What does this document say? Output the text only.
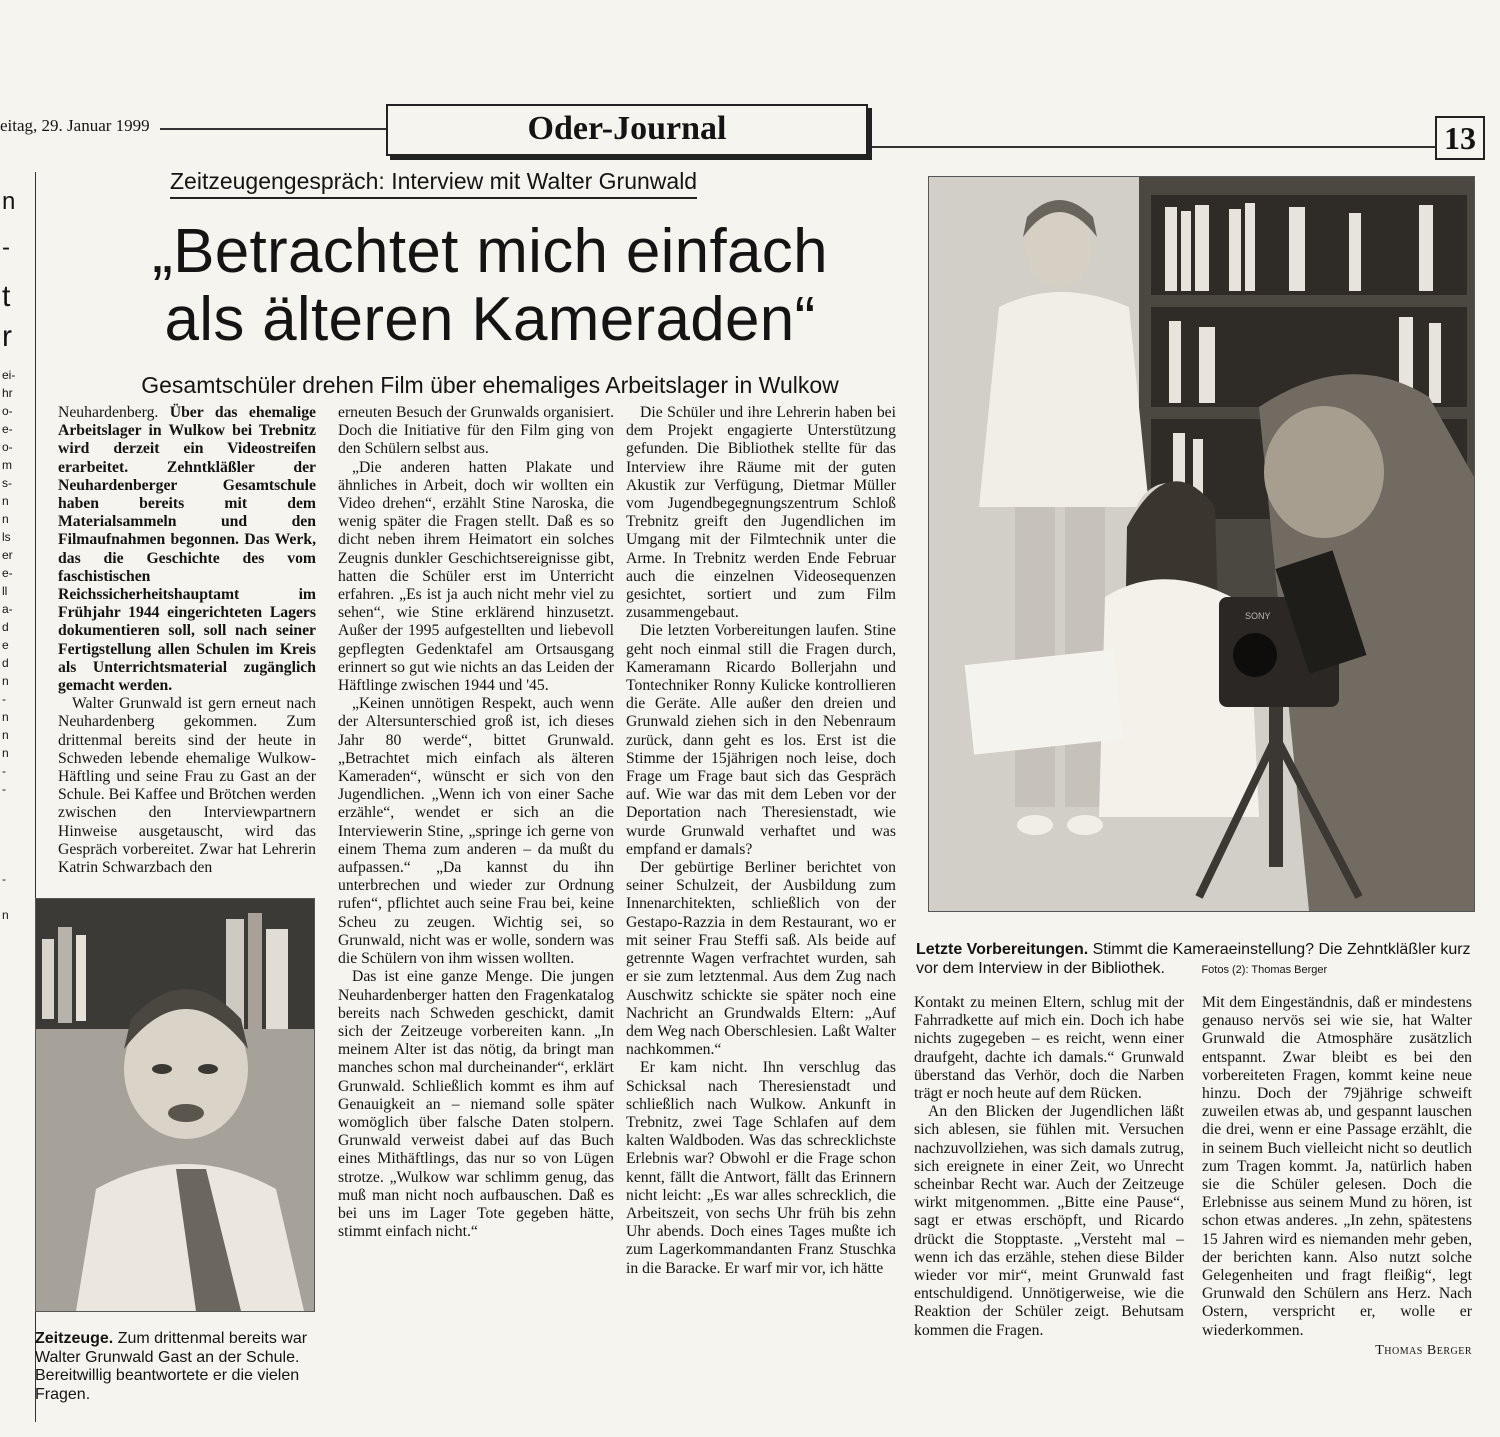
eitag, 29. Januar 1999	Oder-Journal	13
n
-
t
r
ei-
hr
o-
e-
o-
m
s-
n
n
ls
er
e-
ll
a-
d
e
d
n
-
n
n
n
-
-
-
n
Zeitzeugengespräch: Interview mit Walter Grunwald
„Betrachtet mich einfach
als älteren Kameraden“
Gesamtschüler drehen Film über ehemaliges Arbeitslager in Wulkow

Neuhardenberg. Über das ehemalige Arbeitslager in Wulkow bei Trebnitz wird derzeit ein Videostreifen erarbeitet. Zehntkläßler der Neuhardenberger Gesamtschule haben bereits mit dem Materialsammeln und den Filmaufnahmen begonnen. Das Werk, das die Geschichte des vom faschistischen Reichssicherheitshauptamt im Frühjahr 1944 eingerichteten Lagers dokumentieren soll, soll nach seiner Fertigstellung allen Schulen im Kreis als Unterrichtsmaterial zugänglich gemacht werden.

Walter Grunwald ist gern erneut nach Neuhardenberg gekommen. Zum drittenmal bereits sind der heute in Schweden lebende ehemalige Wulkow-Häftling und seine Frau zu Gast an der Schule. Bei Kaffee und Brötchen werden zwischen den Interviewpartnern Hinweise ausgetauscht, wird das Gespräch vorbereitet. Zwar hat Lehrerin Katrin Schwarzbach den

Zeitzeuge. Zum drittenmal bereits war Walter Grunwald Gast an der Schule. Bereitwillig beantwortete er die vielen Fragen.

erneuten Besuch der Grunwalds organisiert. Doch die Initiative für den Film ging von den Schülern selbst aus.

„Die anderen hatten Plakate und ähnliches in Arbeit, doch wir wollten ein Video drehen“, erzählt Stine Naroska, die wenig später die Fragen stellt. Daß es so dicht neben ihrem Heimatort ein solches Zeugnis dunkler Geschichtsereignisse gibt, hatten die Schüler erst im Unterricht erfahren. „Es ist ja auch nicht mehr viel zu sehen“, wie Stine erklärend hinzusetzt. Außer der 1995 aufgestellten und liebevoll gepflegten Gedenktafel am Ortsausgang erinnert so gut wie nichts an das Leiden der Häftlinge zwischen 1944 und '45.

„Keinen unnötigen Respekt, auch wenn der Altersunterschied groß ist, ich dieses Jahr 80 werde“, bittet Grunwald. „Betrachtet mich einfach als älteren Kameraden“, wünscht er sich von den Jugendlichen. „Wenn ich von einer Sache erzähle“, wendet er sich an die Interviewerin Stine, „springe ich gerne von einem Thema zum anderen – da mußt du aufpassen.“ „Da kannst du ihn unterbrechen und wieder zur Ordnung rufen“, pflichtet auch seine Frau bei, keine Scheu zu zeugen. Wichtig sei, so Grunwald, nicht was er wolle, sondern was die Schülern von ihm wissen wollten.

Das ist eine ganze Menge. Die jungen Neuhardenberger hatten den Fragenkatalog bereits nach Schweden geschickt, damit sich der Zeitzeuge vorbereiten kann. „In meinem Alter ist das nötig, da bringt man manches schon mal durcheinander“, erklärt Grunwald. Schließlich kommt es ihm auf Genauigkeit an – niemand solle später womöglich über falsche Daten stolpern. Grunwald verweist dabei auf das Buch eines Mithäftlings, das nur so von Lügen strotze. „Wulkow war schlimm genug, das muß man nicht noch aufbauschen. Daß es bei uns im Lager Tote gegeben hätte, stimmt einfach nicht.“

Die Schüler und ihre Lehrerin haben bei dem Projekt engagierte Unterstützung gefunden. Die Bibliothek stellte für das Interview ihre Räume mit der guten Akustik zur Verfügung, Dietmar Müller vom Jugendbegegnungszentrum Schloß Trebnitz greift den Jugendlichen im Umgang mit der Filmtechnik unter die Arme. In Trebnitz werden Ende Februar auch die einzelnen Videosequenzen gesichtet, sortiert und zum Film zusammengebaut.

Die letzten Vorbereitungen laufen. Stine geht noch einmal still die Fragen durch, Kameramann Ricardo Bollerjahn und Tontechniker Ronny Kulicke kontrollieren die Geräte. Alle außer den dreien und Grunwald ziehen sich in den Nebenraum zurück, dann geht es los. Erst ist die Stimme der 15jährigen noch leise, doch Frage um Frage baut sich das Gespräch auf. Wie war das mit dem Leben vor der Deportation nach Theresienstadt, wie wurde Grunwald verhaftet und was empfand er damals?

Der gebürtige Berliner berichtet von seiner Schulzeit, der Ausbildung zum Innenarchitekten, schließlich von der Gestapo-Razzia in dem Restaurant, wo er mit seiner Frau Steffi saß. Als beide auf getrennte Wagen verfrachtet wurden, sah er sie zum letztenmal. Aus dem Zug nach Auschwitz schickte sie später noch eine Nachricht an Grundwalds Eltern: „Auf dem Weg nach Oberschlesien. Laßt Walter nachkommen.“

Er kam nicht. Ihn verschlug das Schicksal nach Theresienstadt und schließlich nach Wulkow. Ankunft in Trebnitz, zwei Tage Schlafen auf dem kalten Waldboden. Was das schrecklichste Erlebnis war? Obwohl er die Frage schon kennt, fällt die Antwort, fällt das Erinnern nicht leicht: „Es war alles schrecklich, die Arbeitszeit, von sechs Uhr früh bis zehn Uhr abends. Doch eines Tages mußte ich zum Lagerkommandanten Franz Stuschka in die Baracke. Er warf mir vor, ich hätte

SONY
Letzte Vorbereitungen. Stimmt die Kameraeinstellung? Die Zehntkläßler kurz vor dem Interview in der Bibliothek.	Fotos (2): Thomas Berger

Kontakt zu meinen Eltern, schlug mit der Fahrradkette auf mich ein. Doch ich habe nichts zugegeben – es reicht, wenn einer draufgeht, dachte ich damals.“ Grunwald überstand das Verhör, doch die Narben trägt er noch heute auf dem Rücken.

An den Blicken der Jugendlichen läßt sich ablesen, sie fühlen mit. Versuchen nachzuvollziehen, was sich damals zutrug, sich ereignete in einer Zeit, wo Unrecht scheinbar Recht war. Auch der Zeitzeuge wirkt mitgenommen. „Bitte eine Pause“, sagt er etwas erschöpft, und Ricardo drückt die Stopptaste. „Versteht mal – wenn ich das erzähle, stehen diese Bilder wieder vor mir“, meint Grunwald fast entschuldigend. Unnötigerweise, wie die Reaktion der Schüler zeigt. Behutsam kommen die Fragen.

Mit dem Eingeständnis, daß er mindestens genauso nervös sei wie sie, hat Walter Grunwald die Atmosphäre zusätzlich entspannt. Zwar bleibt es bei den vorbereiteten Fragen, kommt keine neue hinzu. Doch der 79jährige schweift zuweilen etwas ab, und gespannt lauschen die drei, wenn er eine Passage erzählt, die in seinem Buch vielleicht nicht so deutlich zum Tragen kommt. Ja, natürlich haben sie die Schüler gelesen. Doch die Erlebnisse aus seinem Mund zu hören, ist schon etwas anderes. „In zehn, spätestens 15 Jahren wird es niemanden mehr geben, der berichten kann. Also nutzt solche Gelegenheiten und fragt fleißig“, legt Grunwald den Schülern ans Herz. Nach Ostern, verspricht er, wolle er wiederkommen.

Thomas Berger
